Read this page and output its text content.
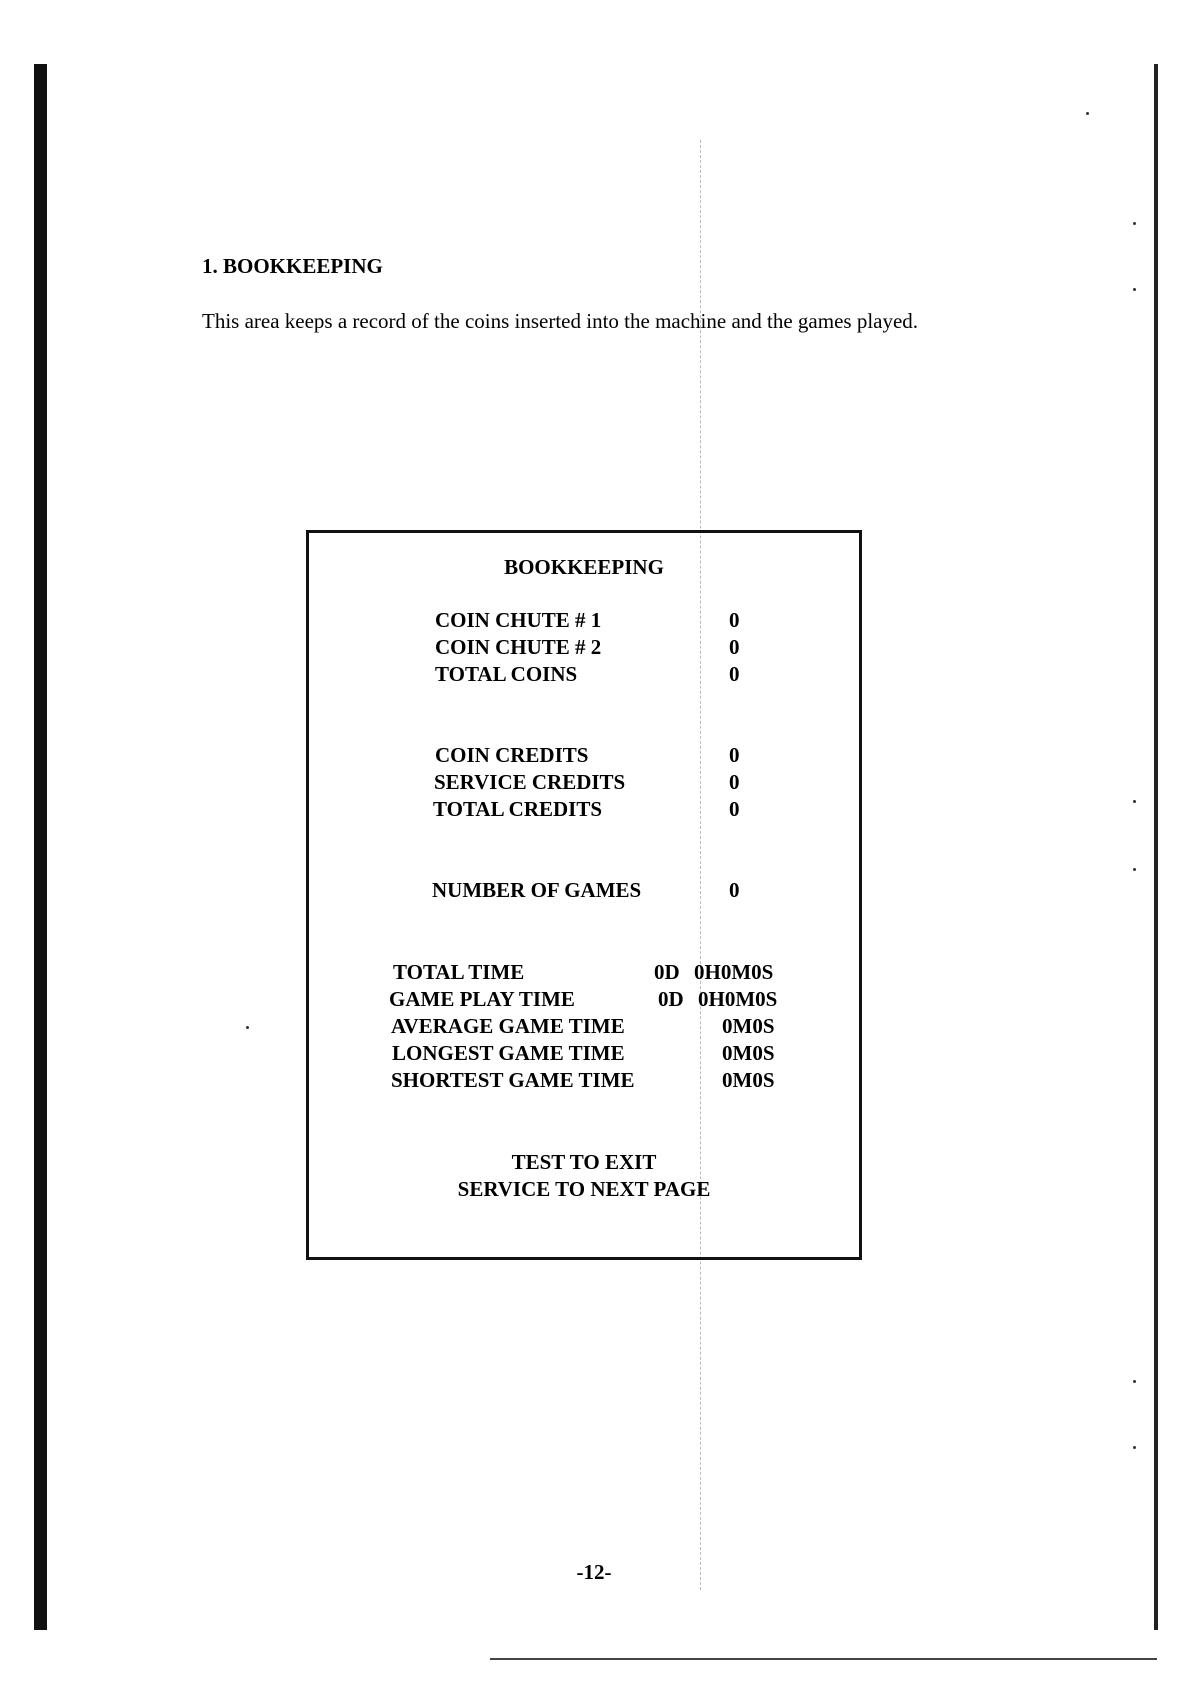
1. BOOKKEEPING
This area keeps a record of the coins inserted into the machine and the games played.
BOOKKEEPING
COIN CHUTE # 1	0
COIN CHUTE # 2	0
TOTAL COINS	0
COIN CREDITS	0
SERVICE CREDITS	0
TOTAL CREDITS	0
NUMBER OF GAMES	0
TOTAL TIME	0D 0H0M0S
GAME PLAY TIME	0D 0H0M0S
AVERAGE GAME TIME	0M0S
LONGEST GAME TIME	0M0S
SHORTEST GAME TIME	0M0S
TEST TO EXIT
SERVICE TO NEXT PAGE
-12-
